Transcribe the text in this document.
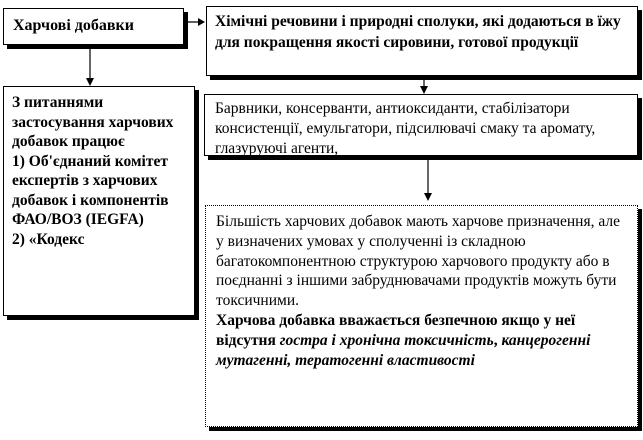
Харчові добавки	Хімічні речовини і природні сполуки, які додаються в їжу для покращення якості сировини, готової продукції
Барвники, консерванти, антиоксиданти, стабілізатори консистенції, емульгатори, підсилювачі смаку та аромату, глазуруючі агенти,
З питаннями застосування харчових добавок працює
1) Об'єднаний комітет експертів з харчових добавок і компонентів ФАО/ВОЗ (IEGFA)
2) «Кодекс
Більшість харчових добавок мають харчове призначення, але у визначених умовах у сполученні із складною багатокомпонентною структурою харчового продукту або в поєднанні з іншими забруднювачами продуктів можуть бути токсичними.
Харчова добавка вважається безпечною якщо у неї відсутня гостра і хронічна токсичність, канцерогенні мутагенні, тератогенні властивості
